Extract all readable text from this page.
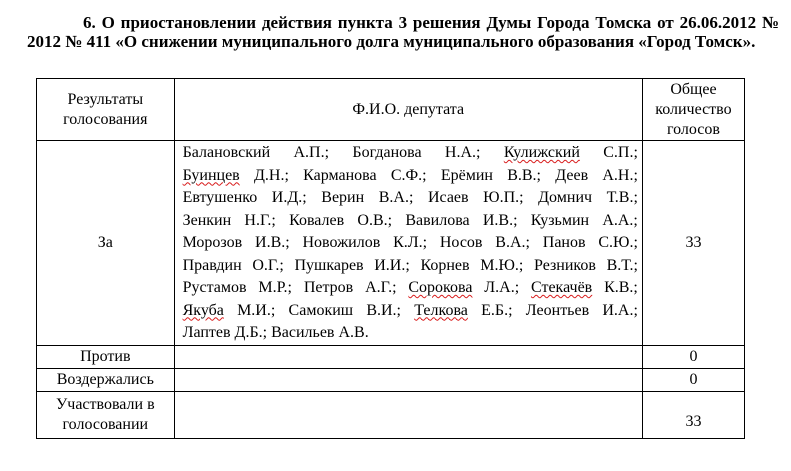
6. О приостановлении действия пункта 3 решения Думы Города Томска от 26.06.2012 № 2012 № 411 «О снижении муниципального долга муниципального образования «Город Томск».
Результаты голосования	Ф.И.О. депутата	Общее количество голосов
За	Балановский А.П.; Богданова Н.А.; Кулижский С.П.; Буинцев Д.Н.; Карманова С.Ф.; Ерёмин В.В.; Деев А.Н.; Евтушенко И.Д.; Верин В.А.; Исаев Ю.П.; Домнич Т.В.; Зенкин Н.Г.; Ковалев О.В.; Вавилова И.В.; Кузьмин А.А.; Морозов И.В.; Новожилов К.Л.; Носов В.А.; Панов С.Ю.; Правдин О.Г.; Пушкарев И.И.; Корнев М.Ю.; Резников В.Т.; Рустамов М.Р.; Петров А.Г.; Сорокова Л.А.; Стекачёв К.В.; Якуба М.И.; Самокиш В.И.; Телкова Е.Б.; Леонтьев И.А.; Лаптев Д.Б.; Васильев А.В.	33
Против		0
Воздержались		0
Участвовали в голосовании		33
